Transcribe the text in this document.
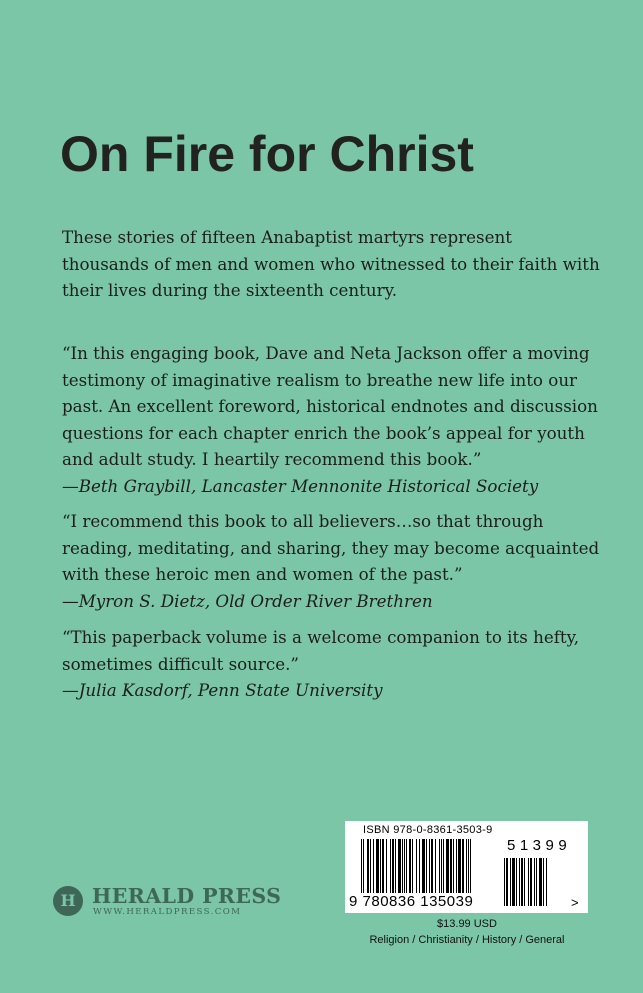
On Fire for Christ

These stories of fifteen Anabaptist martyrs represent thousands of men and women who witnessed to their faith with their lives during the sixteenth century.

“In this engaging book, Dave and Neta Jackson offer a moving testimony of imaginative realism to breathe new life into our past. An excellent foreword, historical endnotes and discussion questions for each chapter enrich the book’s appeal for youth and adult study. I heartily recommend this book.”
—Beth Graybill, Lancaster Mennonite Historical Society

“I recommend this book to all believers…so that through reading, meditating, and sharing, they may become acquainted with these heroic men and women of the past.”
—Myron S. Dietz, Old Order River Brethren

“This paperback volume is a welcome companion to its hefty, sometimes difficult source.”
—Julia Kasdorf, Penn State University

H HERALD PRESS
WWW.HERALDPRESS.COM
ISBN 978-0-8361-3503-9
51399
9 780836 135039	>
$13.99 USD
Religion / Christianity / History / General
